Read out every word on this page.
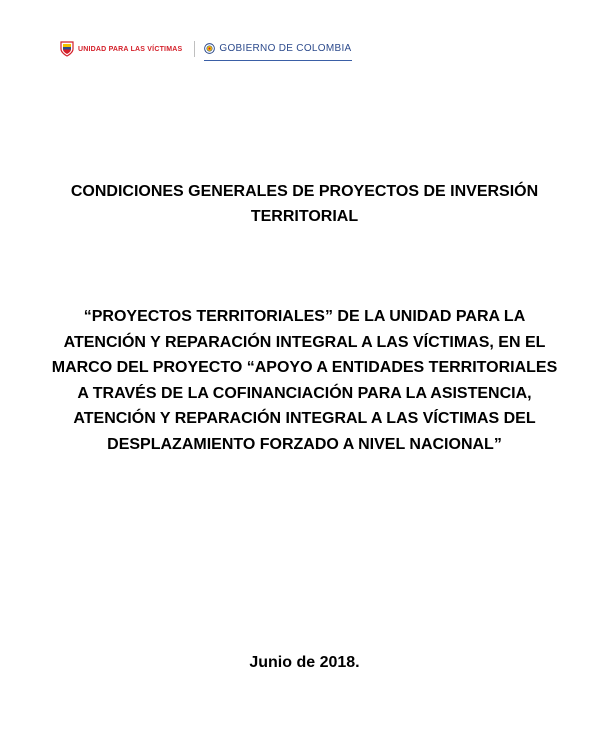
UNIDAD PARA LAS VÍCTIMAS	GOBIERNO DE COLOMBIA
CONDICIONES GENERALES DE PROYECTOS DE INVERSIÓN
TERRITORIAL
“PROYECTOS TERRITORIALES” DE LA UNIDAD PARA LA
ATENCIÓN Y REPARACIÓN INTEGRAL A LAS VÍCTIMAS, EN EL
MARCO DEL PROYECTO “APOYO A ENTIDADES TERRITORIALES
A TRAVÉS DE LA COFINANCIACIÓN PARA LA ASISTENCIA,
ATENCIÓN Y REPARACIÓN INTEGRAL A LAS VÍCTIMAS DEL
DESPLAZAMIENTO FORZADO A NIVEL NACIONAL”
Junio de 2018.
